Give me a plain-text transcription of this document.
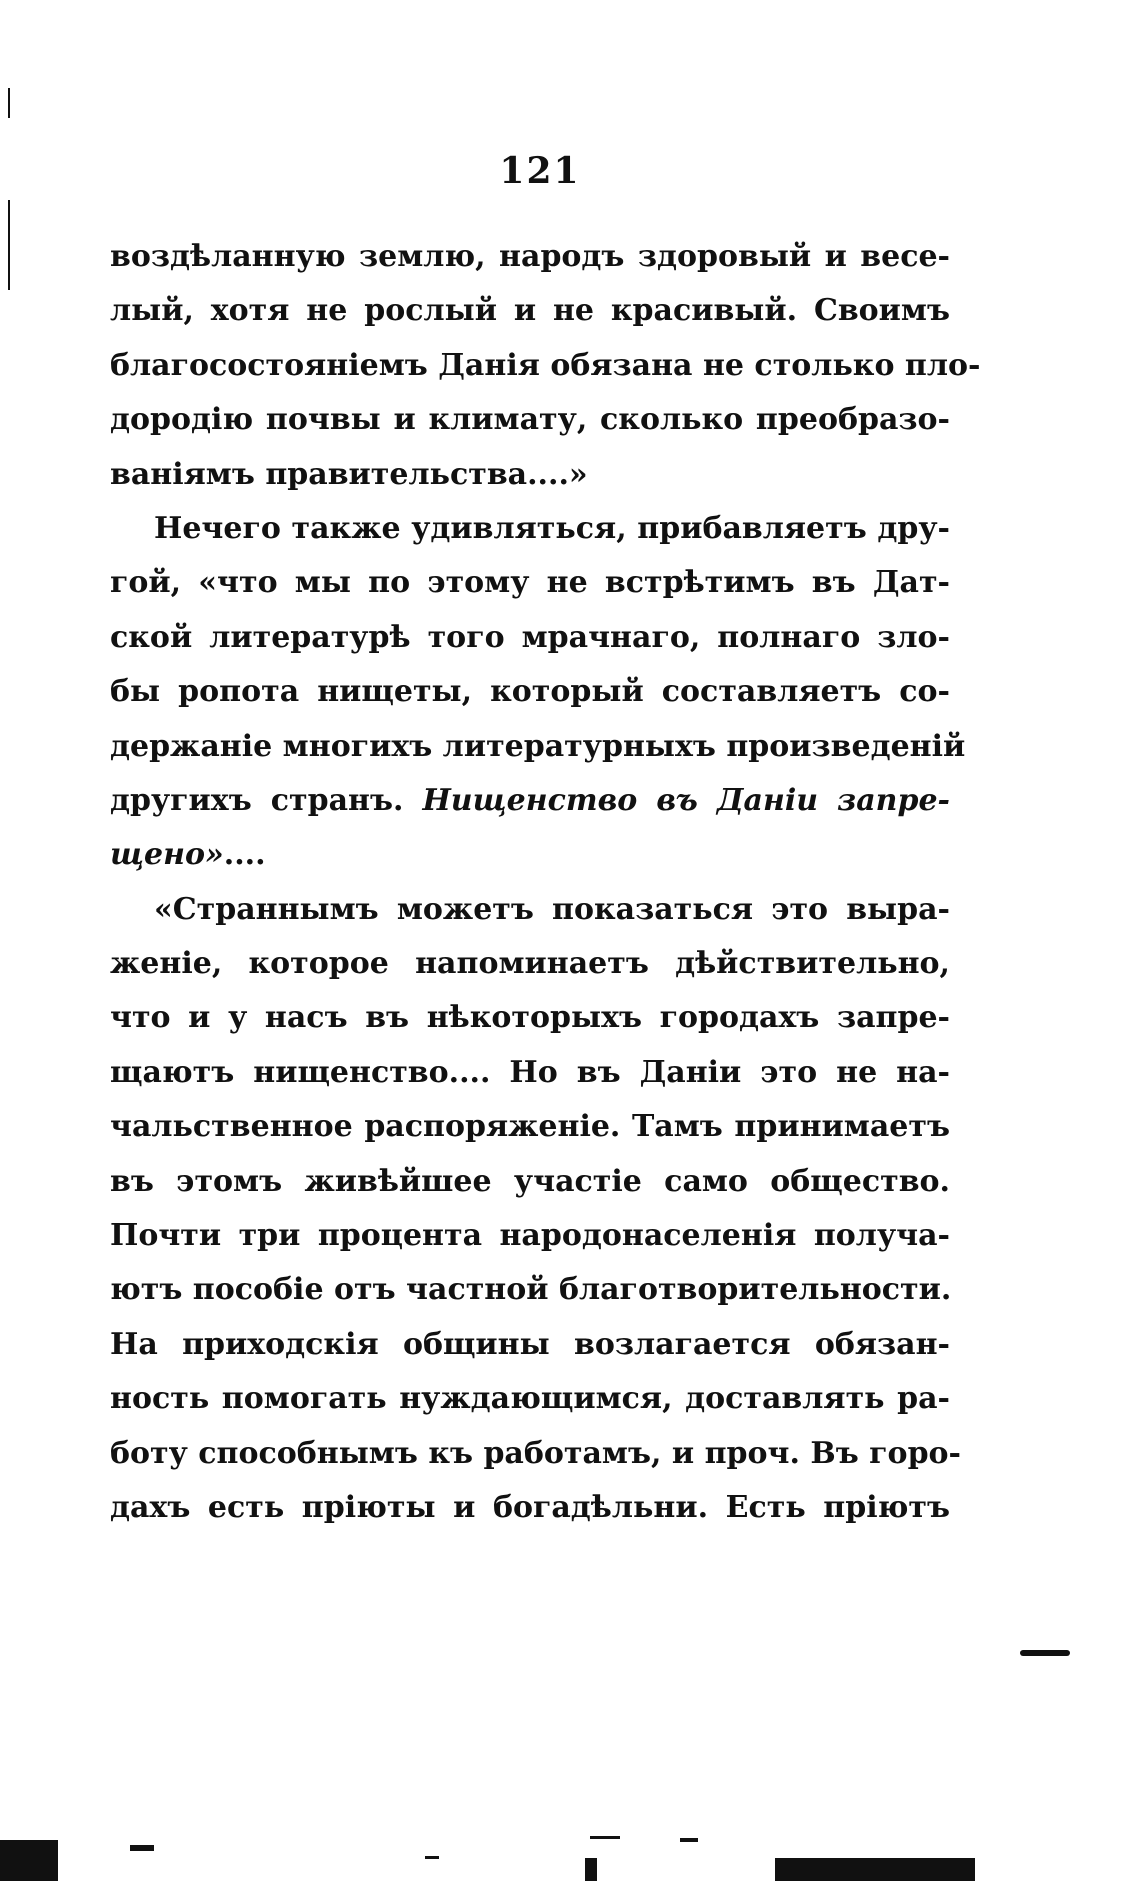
121
воздѣланную землю, народъ здоровый и весе-
лый, хотя не рослый и не красивый. Своимъ
благосостояніемъ Данія обязана не столько пло-
дородію почвы и климату, сколько преобразо-
ваніямъ правительства....»
Нечего также удивляться, прибавляетъ дру-
гой, «что мы по этому не встрѣтимъ въ Дат-
ской литературѣ того мрачнаго, полнаго зло-
бы ропота нищеты, который составляетъ со-
держаніе многихъ литературныхъ произведеній
другихъ странъ. Нищенство въ Даніи запре-
щено»....
«Страннымъ можетъ показаться это выра-
женіе, которое напоминаетъ дѣйствительно,
что и у насъ въ нѣкоторыхъ городахъ запре-
щаютъ нищенство.... Но въ Даніи это не на-
чальственное распоряженіе. Тамъ принимаетъ
въ этомъ живѣйшее участіе само общество.
Почти три процента народонаселенія получа-
ютъ пособіе отъ частной благотворительности.
На приходскія общины возлагается обязан-
ность помогать нуждающимся, доставлять ра-
боту способнымъ къ работамъ, и проч. Въ горо-
дахъ есть пріюты и богадѣльни. Есть пріютъ
